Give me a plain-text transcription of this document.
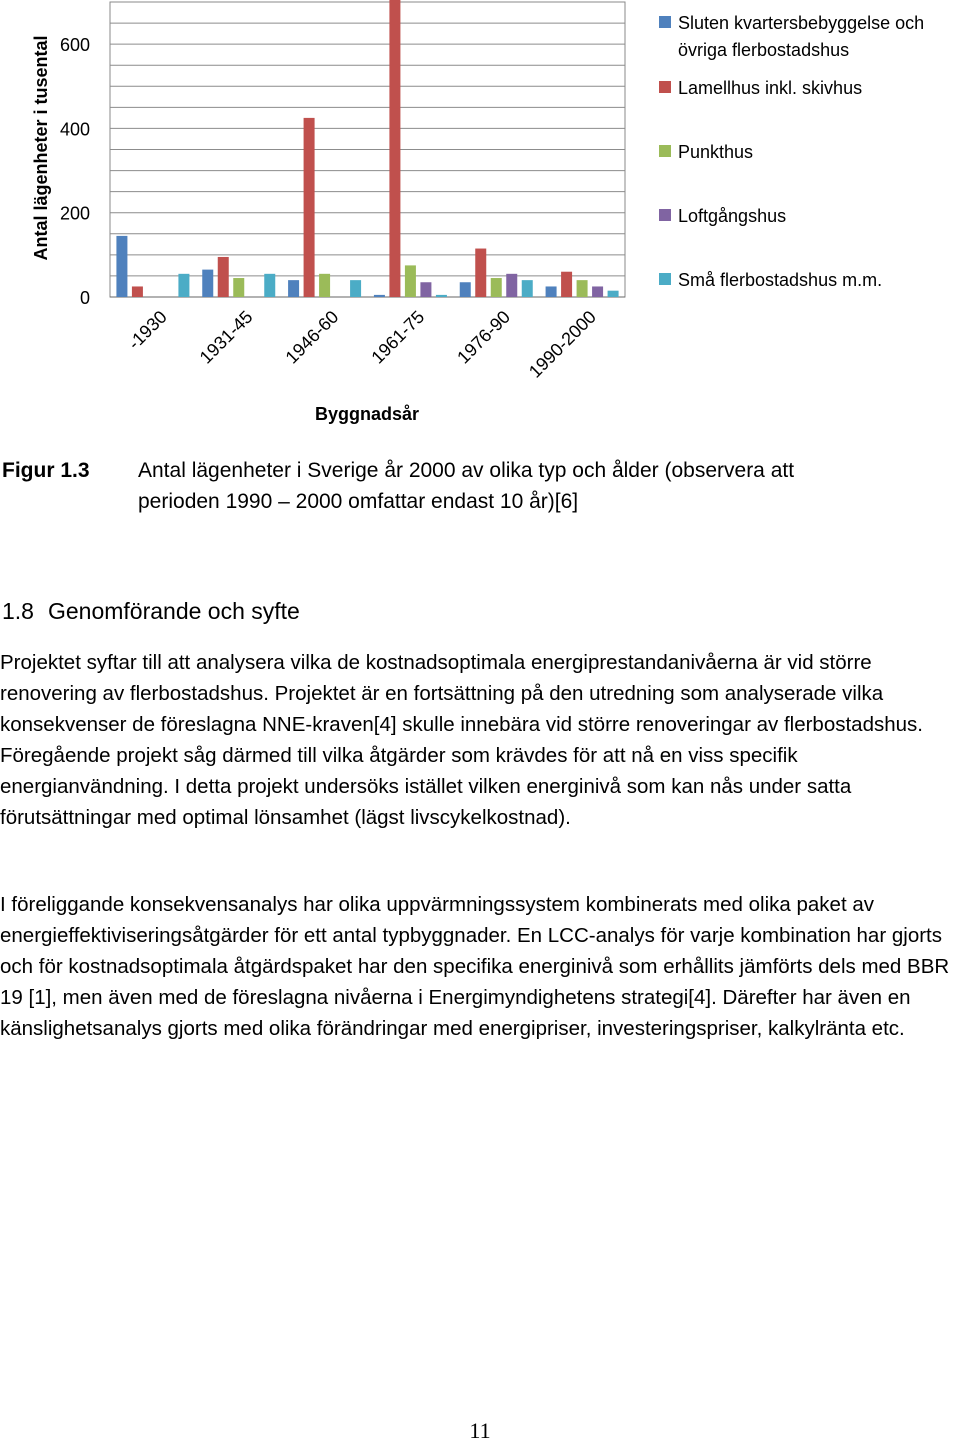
0
200
400
600
-1930 1931-45 1946-60 1961-75 1976-90 1990-2000
Antal lägenheter i tusental
Byggnadsår
Sluten kvartersbebyggelse och
övriga flerbostadshus
Lamellhus inkl. skivhus
Punkthus
Loftgångshus
Små flerbostadshus m.m.
Figur 1.3 Antal lägenheter i Sverige år 2000 av olika typ och ålder (observera att
perioden 1990 – 2000 omfattar endast 10 år)[6]
1.8 Genomförande och syfte

Projektet syftar till att analysera vilka de kostnadsoptimala energiprestandanivåerna är vid större renovering av flerbostadshus. Projektet är en fortsättning på den utredning som analyserade vilka konsekvenser de föreslagna NNE-kraven[4] skulle innebära vid större renoveringar av flerbostadshus. Föregående projekt såg därmed till vilka åtgärder som krävdes för att nå en viss specifik energianvändning. I detta projekt undersöks istället vilken energinivå som kan nås under satta förutsättningar med optimal lönsamhet (lägst livscykelkostnad).

I föreliggande konsekvensanalys har olika uppvärmningssystem kombinerats med olika paket av energieffektiviseringsåtgärder för ett antal typbyggnader. En LCC-analys för varje kombination har gjorts och för kostnadsoptimala åtgärdspaket har den specifika energinivå som erhållits jämförts dels med BBR 19 [1], men även med de föreslagna nivåerna i Energimyndighetens strategi[4]. Därefter har även en känslighetsanalys gjorts med olika förändringar med energipriser, investeringspriser, kalkylränta etc.

11
